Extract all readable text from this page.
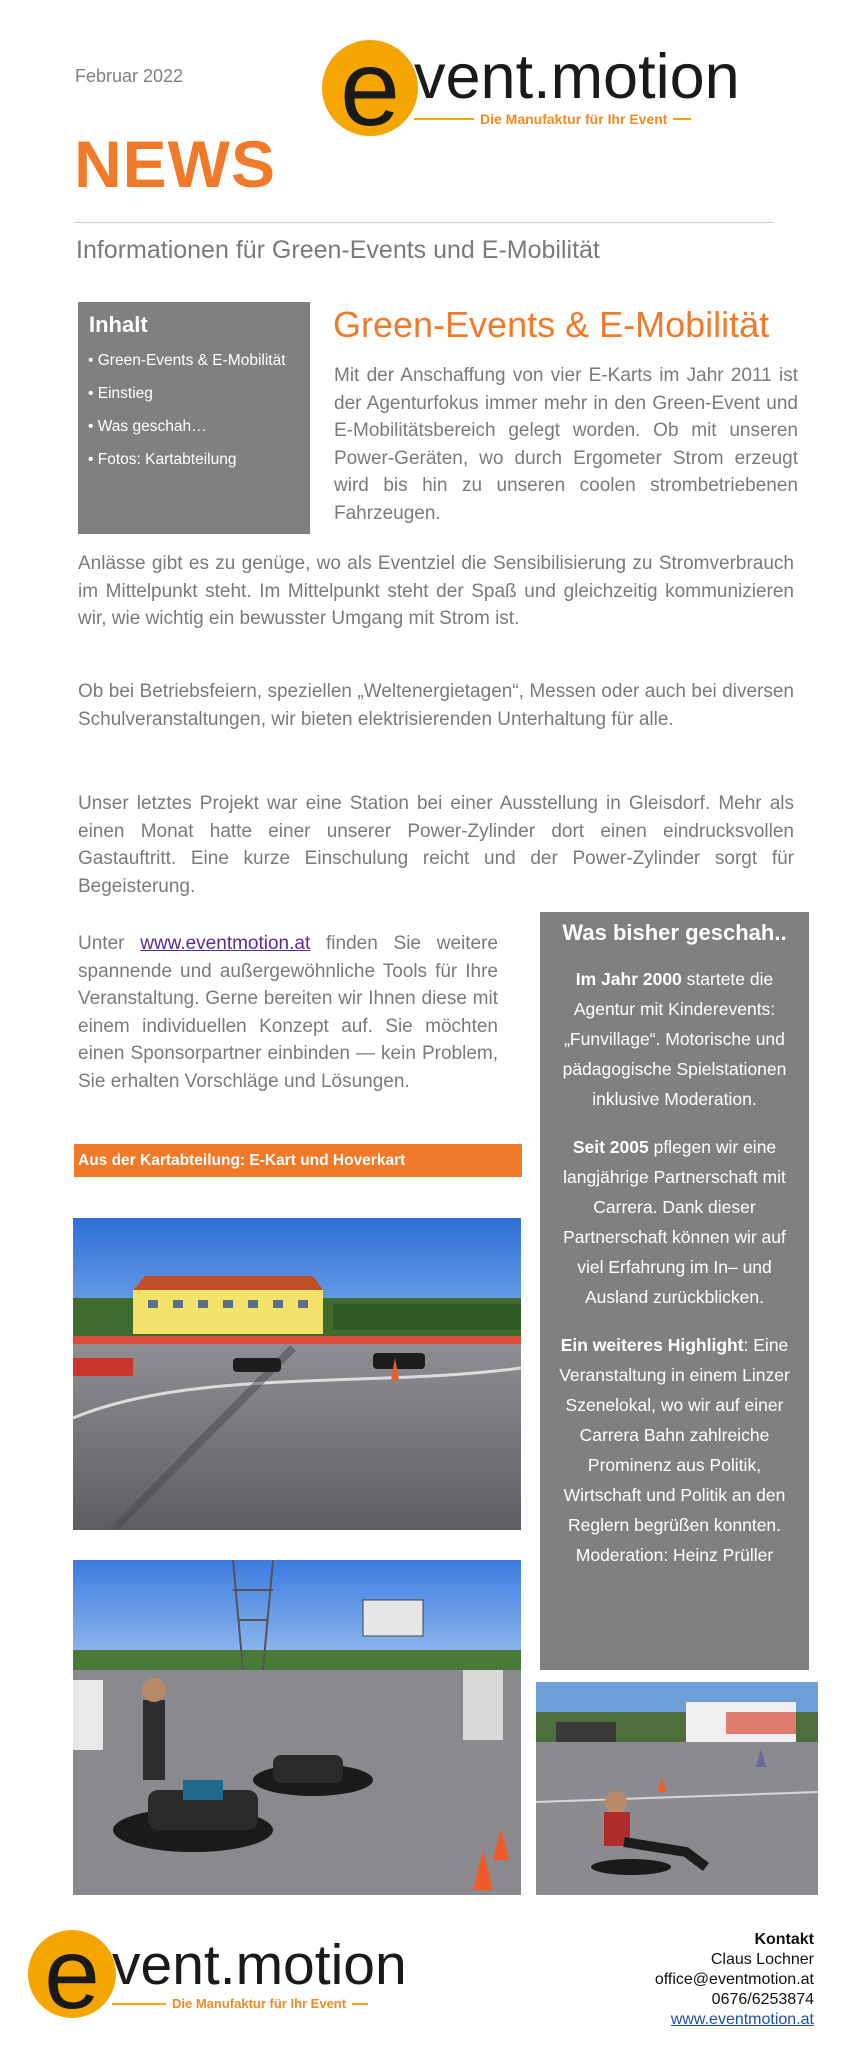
Februar 2022 e vent.motion
Die Manufaktur für Ihr Event
NEWS
Informationen für Green-Events und E-Mobilität
Inhalt
• Green-Events & E-Mobilität
• Einstieg
• Was geschah…
• Fotos: Kartabteilung
Green-Events & E-Mobilität
Mit der Anschaffung von vier E-Karts im Jahr 2011 ist der Agenturfokus immer mehr in den Green-Event und E-Mobilitätsbereich gelegt worden. Ob mit unseren Power-Geräten, wo durch Ergometer Strom erzeugt wird bis hin zu unseren coolen strombetriebenen Fahrzeugen.
Anlässe gibt es zu genüge, wo als Eventziel die Sensibilisierung zu Stromverbrauch im Mittelpunkt steht. Im Mittelpunkt steht der Spaß und gleichzeitig kommunizieren wir, wie wichtig ein bewusster Umgang mit Strom ist.
Ob bei Betriebsfeiern, speziellen „Weltenergietagen“, Messen oder auch bei diversen Schulveranstaltungen, wir bieten elektrisierenden Unterhaltung für alle.
Unser letztes Projekt war eine Station bei einer Ausstellung in Gleisdorf. Mehr als einen Monat hatte einer unserer Power-Zylinder dort einen eindrucksvollen Gastauftritt. Eine kurze Einschulung reicht und der Power-Zylinder sorgt für Begeisterung.
Unter www.eventmotion.at finden Sie weitere spannende und außergewöhnliche Tools für Ihre Veranstaltung. Gerne bereiten wir Ihnen diese mit einem individuellen Konzept auf. Sie möchten einen Sponsorpartner einbinden — kein Problem, Sie erhalten Vorschläge und Lösungen.
Aus der Kartabteilung: E-Kart und Hoverkart
Was bisher geschah..

Im Jahr 2000 startete die Agentur mit Kinderevents: „Funvillage“. Motorische und pädagogische Spielstationen inklusive Moderation.

Seit 2005 pflegen wir eine langjährige Partnerschaft mit Carrera. Dank dieser Partnerschaft können wir auf viel Erfahrung im In– und Ausland zurückblicken.

Ein weiteres Highlight: Eine Veranstaltung in einem Linzer Szenelokal, wo wir auf einer Carrera Bahn zahlreiche Prominenz aus Politik, Wirtschaft und Politik an den Reglern begrüßen konnten. Moderation: Heinz Prüller

e vent.motion
Die Manufaktur für Ihr Event
Kontakt
Claus Lochner
office@eventmotion.at
0676/6253874
www.eventmotion.at
